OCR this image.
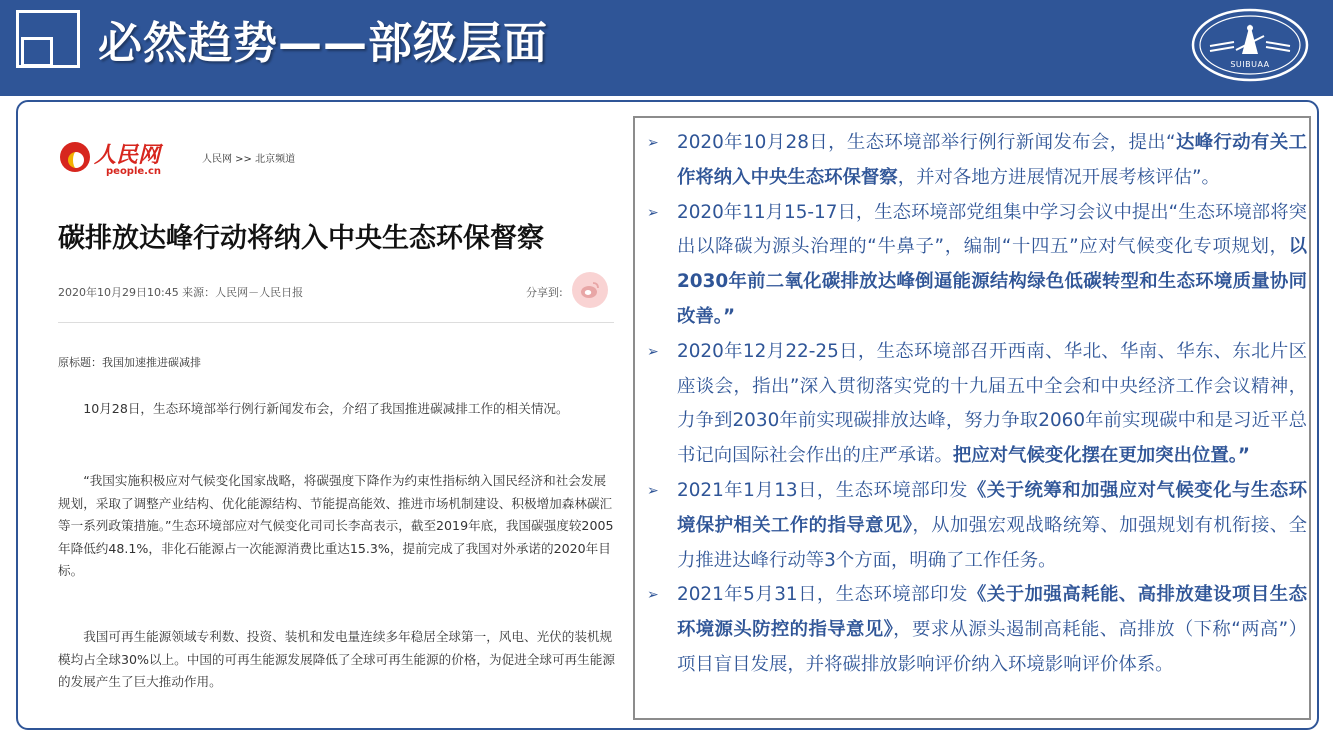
必然趋势——部级层面	SUIBUAA
人民网
people.cn
人民网 >> 北京频道
碳排放达峰行动将纳入中央生态环保督察
2020年10月29日10:45 来源：人民网－人民日报	分享到:
原标题：我国加速推进碳减排

10月28日，生态环境部举行例行新闻发布会，介绍了我国推进碳减排工作的相关情况。

“我国实施积极应对气候变化国家战略，将碳强度下降作为约束性指标纳入国民经济和社会发展规划，采取了调整产业结构、优化能源结构、节能提高能效、推进市场机制建设、积极增加森林碳汇等一系列政策措施。”生态环境部应对气候变化司司长李高表示，截至2019年底，我国碳强度较2005年降低约48.1%，非化石能源占一次能源消费比重达15.3%，提前完成了我国对外承诺的2020年目标。

我国可再生能源领域专利数、投资、装机和发电量连续多年稳居全球第一，风电、光伏的装机规模均占全球30%以上。中国的可再生能源发展降低了全球可再生能源的价格，为促进全球可再生能源的发展产生了巨大推动作用。

➢ 2020年10月28日，生态环境部举行例行新闻发布会，提出“达峰行动有关工作将纳入中央生态环保督察，并对各地方进展情况开展考核评估”。
➢ 2020年11月15-17日，生态环境部党组集中学习会议中提出“生态环境部将突出以降碳为源头治理的“牛鼻子”，编制“十四五”应对气候变化专项规划，以2030年前二氧化碳排放达峰倒逼能源结构绿色低碳转型和生态环境质量协同改善。”
➢ 2020年12月22-25日，生态环境部召开西南、华北、华南、华东、东北片区座谈会，指出”深入贯彻落实党的十九届五中全会和中央经济工作会议精神，力争到2030年前实现碳排放达峰，努力争取2060年前实现碳中和是习近平总书记向国际社会作出的庄严承诺。把应对气候变化摆在更加突出位置。”
➢ 2021年1月13日，生态环境部印发《关于统筹和加强应对气候变化与生态环境保护相关工作的指导意见》，从加强宏观战略统筹、加强规划有机衔接、全力推进达峰行动等3个方面，明确了工作任务。
➢ 2021年5月31日，生态环境部印发《关于加强高耗能、高排放建设项目生态环境源头防控的指导意见》，要求从源头遏制高耗能、高排放（下称“两高”）项目盲目发展，并将碳排放影响评价纳入环境影响评价体系。
